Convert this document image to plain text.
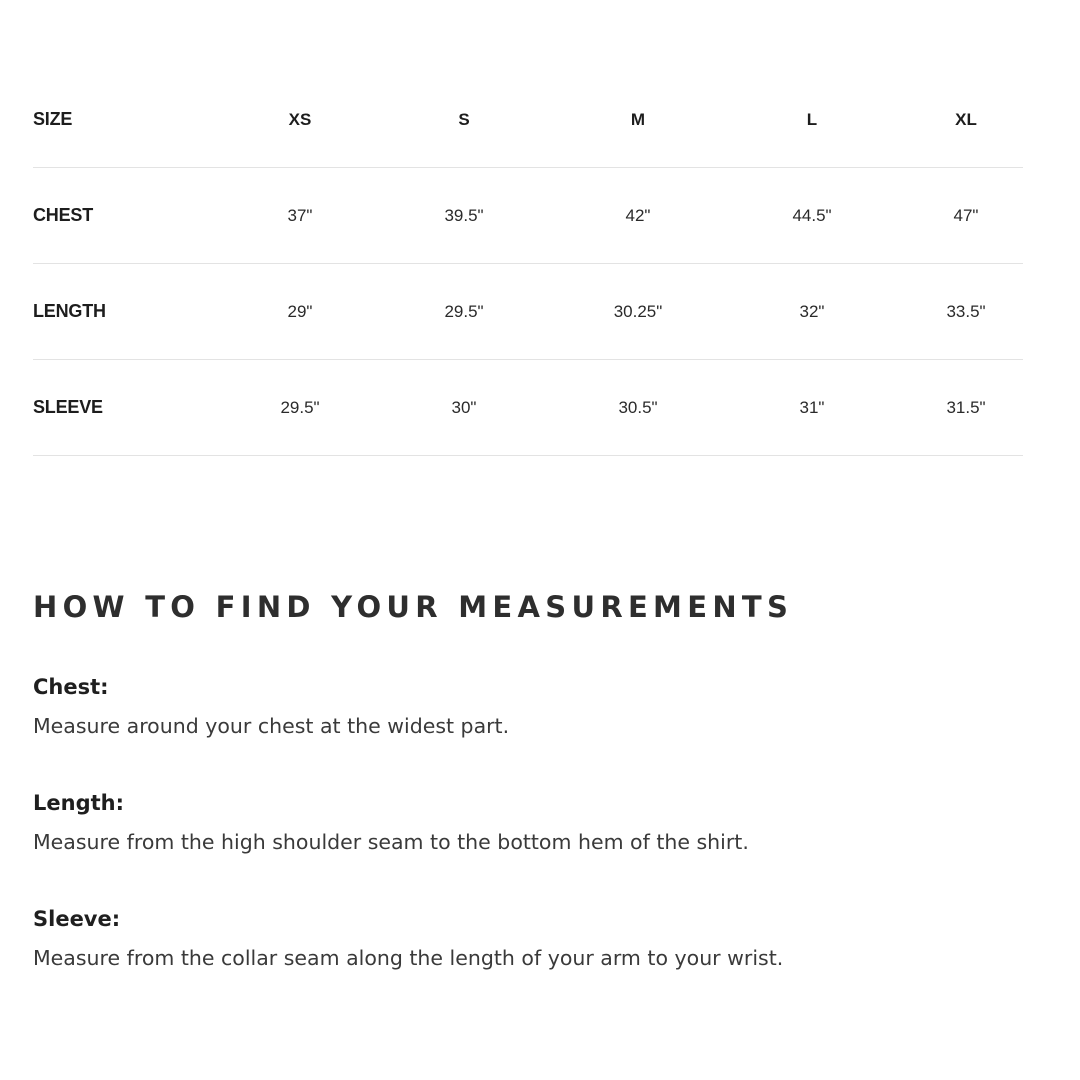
SIZE	XS	S	M	L	XL
CHEST	37"	39.5"	42"	44.5"	47"
LENGTH	29"	29.5"	30.25"	32"	33.5"
SLEEVE	29.5"	30"	30.5"	31"	31.5"
HOW TO FIND YOUR MEASUREMENTS
Chest:
Measure around your chest at the widest part.
Length:
Measure from the high shoulder seam to the bottom hem of the shirt.
Sleeve:
Measure from the collar seam along the length of your arm to your wrist.
